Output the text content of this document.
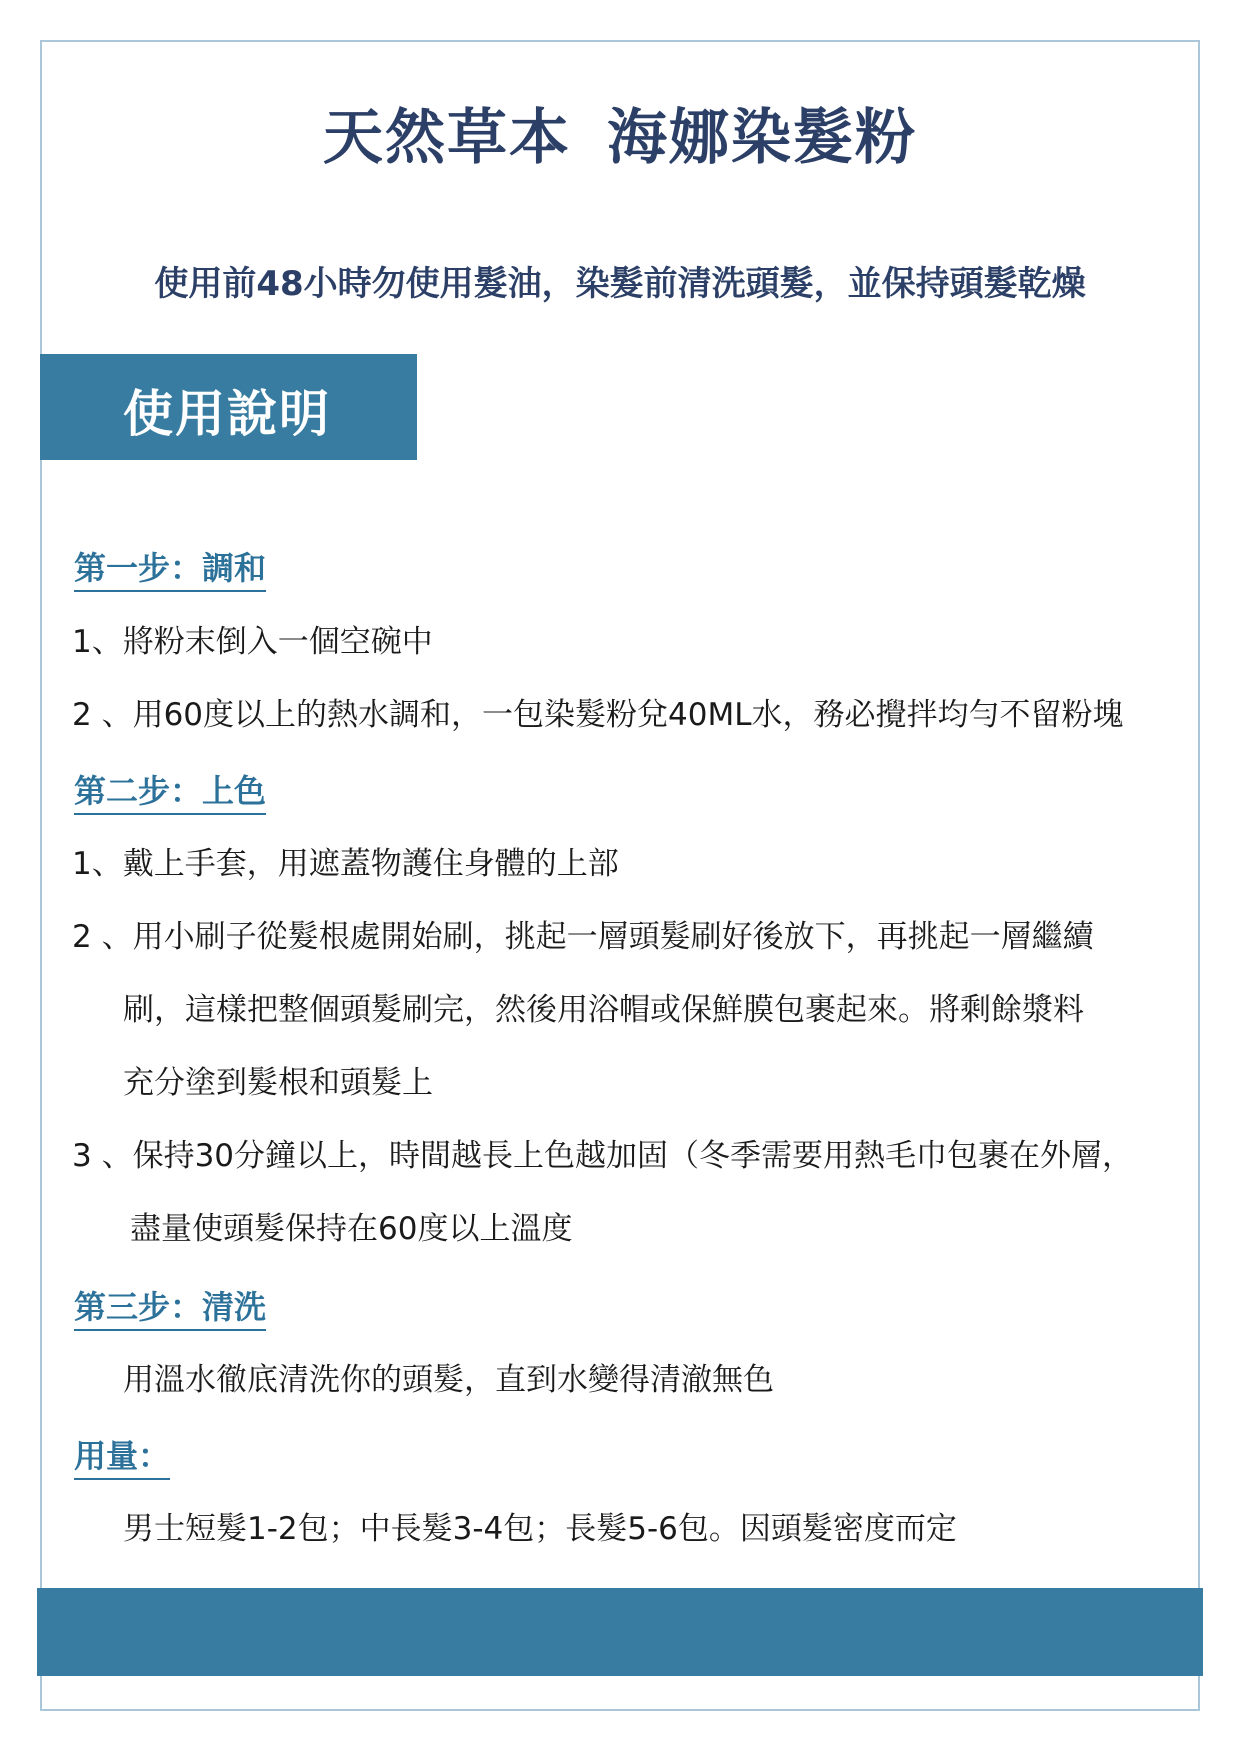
天然草本 海娜染髮粉

使用前48小時勿使用髮油，染髮前清洗頭髮，並保持頭髮乾燥

使用說明

第一步：調和

1、將粉末倒入一個空碗中

2 、用60度以上的熱水調和，一包染髮粉兌40ML水，務必攪拌均勻不留粉塊

第二步：上色

1、戴上手套，用遮蓋物護住身體的上部

2 、用小刷子從髮根處開始刷，挑起一層頭髮刷好後放下，再挑起一層繼續

刷，這樣把整個頭髮刷完，然後用浴帽或保鮮膜包裹起來。將剩餘漿料

充分塗到髮根和頭髮上

3 、保持30分鐘以上，時間越長上色越加固（冬季需要用熱毛巾包裹在外層，

盡量使頭髮保持在60度以上溫度

第三步：清洗

用溫水徹底清洗你的頭髮，直到水變得清澈無色

用量：

男士短髮1-2包；中長髮3-4包；長髮5-6包。因頭髮密度而定
